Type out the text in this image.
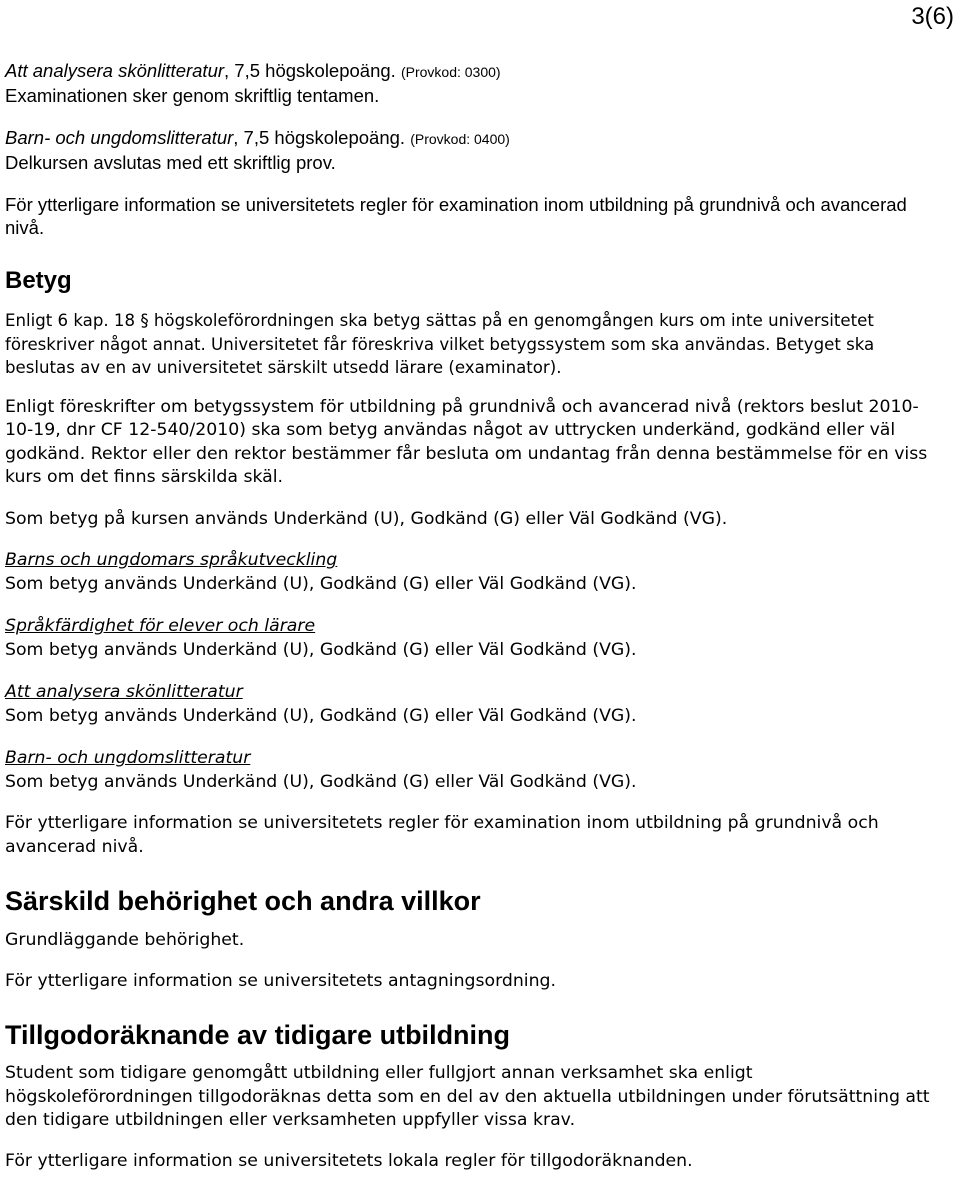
3(6)
Att analysera skönlitteratur, 7,5 högskolepoäng. (Provkod: 0300)
Examinationen sker genom skriftlig tentamen.
Barn- och ungdomslitteratur, 7,5 högskolepoäng. (Provkod: 0400)
Delkursen avslutas med ett skriftlig prov.

För ytterligare information se universitetets regler för examination inom utbildning på grundnivå och avancerad nivå.

Betyg

Enligt 6 kap. 18 § högskoleförordningen ska betyg sättas på en genomgången kurs om inte universitetet föreskriver något annat. Universitetet får föreskriva vilket betygssystem som ska användas. Betyget ska beslutas av en av universitetet särskilt utsedd lärare (examinator).

Enligt föreskrifter om betygssystem för utbildning på grundnivå och avancerad nivå (rektors beslut 2010-10-19, dnr CF 12-540/2010) ska som betyg användas något av uttrycken underkänd, godkänd eller väl godkänd. Rektor eller den rektor bestämmer får besluta om undantag från denna bestämmelse för en viss kurs om det finns särskilda skäl.

Som betyg på kursen används Underkänd (U), Godkänd (G) eller Väl Godkänd (VG).

Barns och ungdomars språkutveckling
Som betyg används Underkänd (U), Godkänd (G) eller Väl Godkänd (VG).
Språkfärdighet för elever och lärare
Som betyg används Underkänd (U), Godkänd (G) eller Väl Godkänd (VG).
Att analysera skönlitteratur
Som betyg används Underkänd (U), Godkänd (G) eller Väl Godkänd (VG).
Barn- och ungdomslitteratur
Som betyg används Underkänd (U), Godkänd (G) eller Väl Godkänd (VG).

För ytterligare information se universitetets regler för examination inom utbildning på grundnivå och avancerad nivå.

Särskild behörighet och andra villkor

Grundläggande behörighet.

För ytterligare information se universitetets antagningsordning.

Tillgodoräknande av tidigare utbildning

Student som tidigare genomgått utbildning eller fullgjort annan verksamhet ska enligt högskoleförordningen tillgodoräknas detta som en del av den aktuella utbildningen under förutsättning att den tidigare utbildningen eller verksamheten uppfyller vissa krav.

För ytterligare information se universitetets lokala regler för tillgodoräknanden.
